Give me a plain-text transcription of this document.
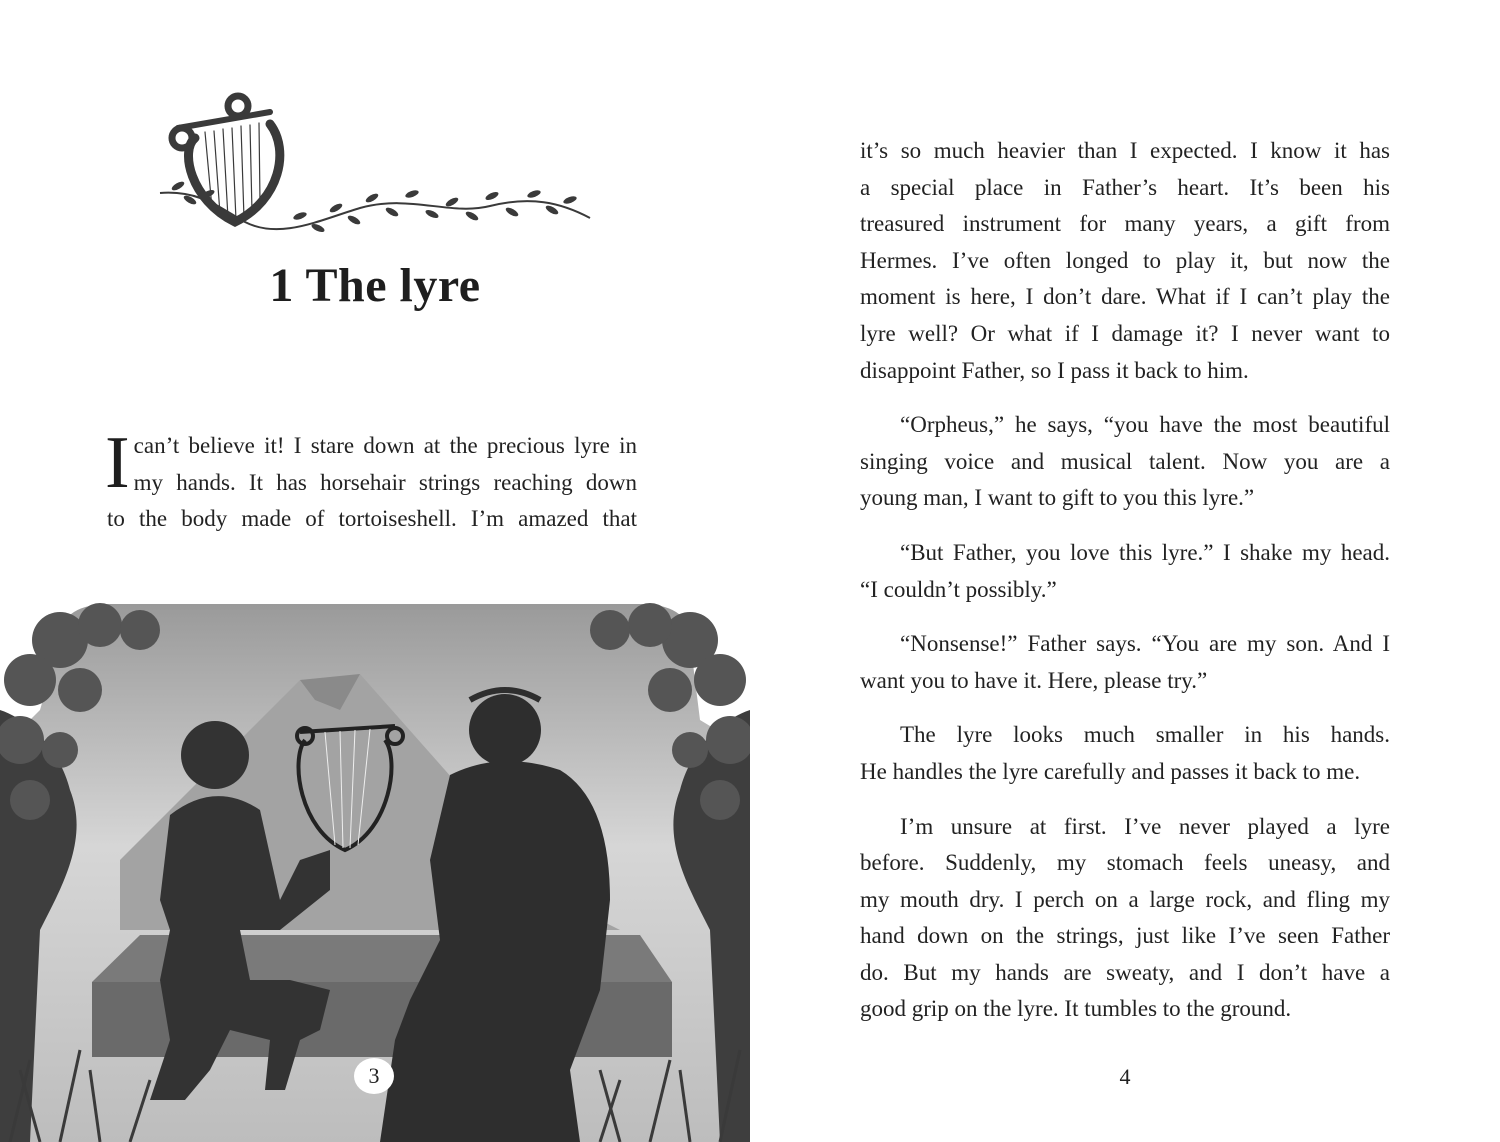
1 The lyre
I can’t believe it! I stare down at the precious lyre in
my hands. It has horsehair strings reaching down
to the body made of tortoiseshell. I’m amazed that
3

it’s so much heavier than I expected. I know it has
a special place in Father’s heart. It’s been his
treasured instrument for many years, a gift from
Hermes. I’ve often longed to play it, but now the
moment is here, I don’t dare. What if I can’t play the
lyre well? Or what if I damage it? I never want to
disappoint Father, so I pass it back to him.

“Orpheus,” he says, “you have the most beautiful
singing voice and musical talent. Now you are a
young man, I want to gift to you this lyre.”

“But Father, you love this lyre.” I shake my head.
“I couldn’t possibly.”

“Nonsense!” Father says. “You are my son. And I
want you to have it. Here, please try.”

The lyre looks much smaller in his hands.
He handles the lyre carefully and passes it back to me.

I’m unsure at first. I’ve never played a lyre
before. Suddenly, my stomach feels uneasy, and
my mouth dry. I perch on a large rock, and fling my
hand down on the strings, just like I’ve seen Father
do. But my hands are sweaty, and I don’t have a
good grip on the lyre. It tumbles to the ground.

4
